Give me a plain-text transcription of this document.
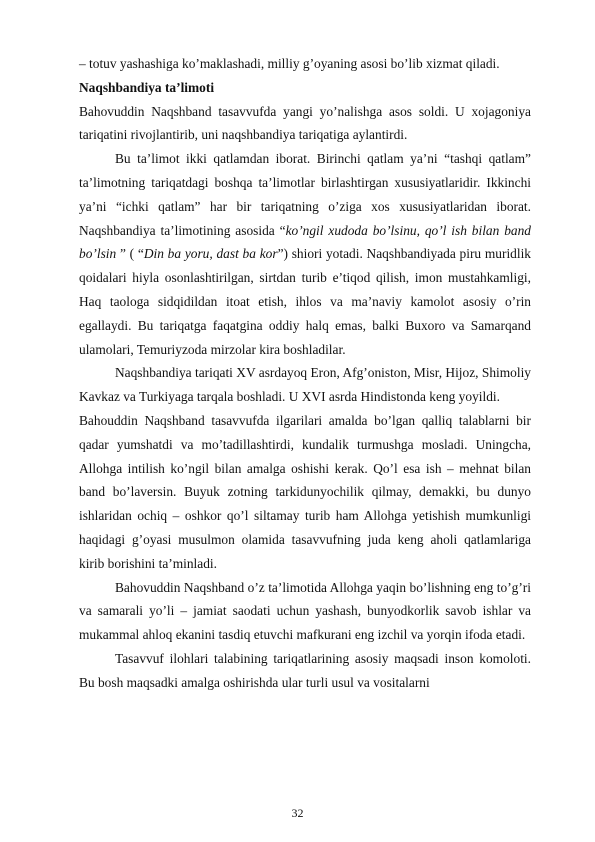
– totuv yashashiga ko’maklashadi, milliy g’oyaning asosi bo’lib xizmat qiladi.

Naqshbandiya ta’limoti

Bahovuddin Naqshband tasavvufda yangi yo’nalishga asos soldi. U xojagoniya tariqatini rivojlantirib, uni naqshbandiya tariqatiga aylantirdi.

Bu ta’limot ikki qatlamdan iborat. Birinchi qatlam ya’ni “tashqi qatlam” ta’limotning tariqatdagi boshqa ta’limotlar birlashtirgan xususiyatlaridir. Ikkinchi ya’ni “ichki qatlam” har bir tariqatning o’ziga xos xususiyatlaridan iborat. Naqshbandiya ta’limotining asosida “ko’ngil xudoda bo’lsinu, qo’l ish bilan band bo’lsin ” ( “Din ba yoru, dast ba kor”) shiori yotadi. Naqshbandiyada piru muridlik qoidalari hiyla osonlashtirilgan, sirtdan turib e’tiqod qilish, imon mustahkamligi, Haq taologa sidqidildan itoat etish, ihlos va ma’naviy kamolot asosiy o’rin egallaydi. Bu tariqatga faqatgina oddiy halq emas, balki Buxoro va Samarqand ulamolari, Temuriyzoda mirzolar kira boshladilar.

Naqshbandiya tariqati XV asrdayoq Eron, Afg’oniston, Misr, Hijoz, Shimoliy Kavkaz va Turkiyaga tarqala boshladi. U XVI asrda Hindistonda keng yoyildi.

Bahouddin Naqshband tasavvufda ilgarilari amalda bo’lgan qalliq talablarni bir qadar yumshatdi va mo’tadillashtirdi, kundalik turmushga mosladi. Uningcha, Allohga intilish ko’ngil bilan amalga oshishi kerak. Qo’l esa ish – mehnat bilan band bo’laversin. Buyuk zotning tarkidunyochilik qilmay, demakki, bu dunyo ishlaridan ochiq – oshkor qo’l siltamay turib ham Allohga yetishish mumkunligi haqidagi g’oyasi musulmon olamida tasavvufning juda keng aholi qatlamlariga kirib borishini ta’minladi.

Bahovuddin Naqshband o’z ta’limotida Allohga yaqin bo’lishning eng to’g’ri va samarali yo’li – jamiat saodati uchun yashash, bunyodkorlik savob ishlar va mukammal ahloq ekanini tasdiq etuvchi mafkurani eng izchil va yorqin ifoda etadi.

Tasavvuf ilohlari talabining tariqatlarining asosiy maqsadi inson komoloti. Bu bosh maqsadki amalga oshirishda ular turli usul va vositalarni

32
